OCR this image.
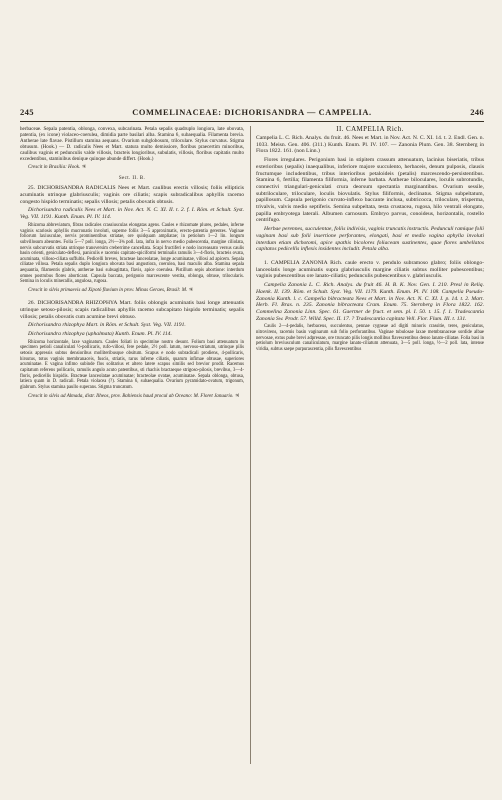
245	COMMELINACEAE: DICHORISANDRA — CAMPELIA.	246

herbaceae. Sepala patentia, oblonga, convexa, subcarinata. Petala sepalis quadruplo longiora, late obovata, patentia, (ex icone) violaceo-coerulea, dimidia parte basilari alba. Stamina 6, subaequalia. Filamenta brevia. Antherae late flavae. Pistillum stamina aequans. Ovarium subglobosum, triloculare. Stylus curvatus. Stigma obtusum. (Hook.) — D. radicalis Nees et Mart. statura multo demissiore, floribus praecertim minoribus, caulibus vaginis et pedunculis valde villosis, bracteis longioribus, subulatis, villosis, floribus capitatis multo excedentibus, staminibus denique quinque abunde differt. (Hook.)

Crescit in Brasilia: Hook. ♃

Sect. II. B.

25. DICHORISANDRA RADICALIS Nees et Mart. caulibus erectis villosis; foliis ellipticis acuminatis utrinque glabriusculis; vaginis ore ciliatis; scapis subradicalibus aphyllis racemo congesto hispido terminatis; sepalis villosis; petalis obovatis obtusis.

Dichorisandra radicalis Nees et Mart. in Nov. Act. N. C. XI. II. t. 2. f. I. Röm. et Schult. Syst. Veg. VII. 1191. Kunth. Enum. Pl. IV. 114.

Rhizoma abbreviatum, fibras radicales crassiusculas elongatas agens. Caules e rhizomate plures, pedales, inferne vaginis scariosis aphyllis mucronatis involuti, superne foliis 3—5 approximatis, erecto-patentia gerentes. Vaginae foliorum laxiusculae, nervis prominentibus striatae, ore quidquam ampliatae; in petiolum 1—2 lin. longum subvillosum abeuntes. Folia 5—7 poll. longa, 2½—3¾ poll. lata, infra in nervo medio pubescentia, margine ciliolata, nervis subcurvatis striata utrinque transversim creberrime cancellata. Scapi fructiferi e nodo increassato versus caulis basin orienti, geniculato-deflexi, paniculis e racemis capitato-spiciformi terminalis ramulis 3—4-floris, bracteis ovata, acuminata, villoso-ciliata suffultis. Pedicelli breves, bracteae lanceolatae, longe acuminatae, villosi ad apicem. Sepala ciliatae villosa. Petala sepalis duplo longiora obovata basi angustiora, coerulea, basi maculis alba. Stamina sepala aequantia, filamentis glabris, antherae basi subsagittata, flavis, apice coerulea. Pistillum sepis abortione: interdum omnes postrubus flores aborticant. Capsula baccata, perigonio marcescente vestita, oblonga, obtuse, trilocularis. Semina in loculis minerallis, angulosa, rugosa.

Crescit in silvis primaevis ad Xipotó fluvium in prov. Minas Geraes, Brasil: M. ♃

26. DICHORISANDRA RHIZOPHYA Mart. foliis oblongis acuminatis basi longe attenuatis utrinque setoso-pilosis; scapis radicalibus aphyllis racemo subcapitato hispido terminatis; sepalis villosis; petalis obovatis cum acumine brevi obtuso.

Dichorisandra rhizophya Mart. in Röm. et Schult. Syst. Veg. VII. 1191.

Dichorisandra rhizophya (uphalmata) Kunth. Enum. Pl. IV. 114.

Rhizoma horizontale, laxe vaginatum. Caules foliati in specimine nostro desunt. Folium basi attenuatum in specimen petioli canaliculati ½-pollicaris, rufo-villosi, fere pedale, 2½ poll. latum, nervoso-striatum, utrinque pilis setosis appressis subtus densioribus molliteribusque obsitum. Scapus e nodo subradicali prodiens, 4-pollicaris, hirsutus, totus vaginis membranaceis, fuscis, striatis, rarus inferne ciliatis, quarum infimae obtusae, superiores acuminatae. E vagina infimo subinde flos solitarius et altero latere scapus similis sed brevior prodit. Racemus capitatum referens pollicaris, ramulis angulo acuto patentibus, sti rhachis bractaeque strigoso-pilosis, brevibus, 3—4-floris, pedicellis hispidis. Bracteae lanceolatae acuminatae; bracteolae ovatae, acuminatae. Sepala oblonga, obtusa, latiera quam in D. radicali. Petala violacea (?). Stamina 6, subaequalia. Ovarium pyramidato-ovatum, trigonum, glabrum. Stylus stamina paullo superans. Stigma truncatum.

Crescit in silvis ad Almada, distr. Ilheos, prov. Bahiensis haud procul ab Oceano: M. Floret Januario. ♃

II. CAMPELIA Rich.

Campelia L. C. Rich. Analys. du fruit. 46. Nees et Mart. in Nov. Act. N. C. XI. 14. t. 2. Endl. Gen. n. 1033. Meisn. Gen. 406. (311.) Kunth. Enum. Pl. IV. 107. — Zanonia Plum. Gen. 38. Sternberg in Flora 1822. 161. (non Linn.)

Flores irregulares. Perigonium basi in stipitem crassum attenuatum, lacinius biseriatis, tribus exterioribus (sepalis) inaequalibus, inferiore majore succulento, herbaceis, denum pulposis, clausis fructumque includentibus, tribus interioribus petaloideis (petalis) marcescendo-persistentibus. Stamina 6, fertilia; filamenta filiformia, inferne barbata. Antherae biloculares, loculis subrotundis, connectivi triangulari-geniculati crura deorsum spectantia marginantibus. Ovarium sessile, subtriloculare, triloculare, loculis biovulatis. Stylus filiformis, declinatus. Stigma subpeltatum, papillosum. Capsula perigonio curvato-inflexo baccante inclusa, subtricocca, triloculare, trisperma, trivalvis, valvis medio septiferis. Semina subpeltata, testa crustacea, rugosa, hilo ventrali elongato, papilla embryotega laterali. Albumen carnosum. Embryo parvus, conoideus, horizontalis, rostello centrifugo.

Herbae perennes, succulentae, foliis indivisis, vaginis truncatis instructis. Pedunculi ramique folii vaginam basi sub folii insertione perforantes, elongati, basi et medio vagina aphylla involuti interdum etiam dichotomi, apice spathis bicolores foliaceam sustinentes, quae flores umbellatos capitatos pedicellis inflexis insidentes includit. Petala alba.

1. CAMPELIA ZANONIA Rich. caule erecto v. pendulo subramoso glabro; foliis oblongo-lanceolatis longe acuminatis supra glabriusculis margine ciliatis subtus molliter pubescentibus; vaginis pubescentibus ore lanato-ciliatis; pedunculis pubescentibus v. glabriusculis.

Campelia Zanonia L. C. Rich. Analys. du fruit 46. H. B. K. Nov. Gen. I. 210. Presl in Reliq. Haenk. II. 139. Röm. et Schult. Syst. Veg. VII. 1179. Kunth. Enum. Pl. IV. 108. Campelia Pseudo-Zanonia Kunth. l. c. Campelia bibracteata Nees et Mart. in Nov. Act. N. C. XI. I. p. 14. t. 2. Mart. Herb. Fl. Bras. n. 235. Zanonia bibracteata Cram. Enum. 75. Sternberg in Flora 1822. 162. Commelina Zanonia Linn. Spec. 61. Gaertner de fruct. et sem. pl. I. 50. t. 15. f. 1. Tradescantia Zanonia Sw. Prodr. 57. Willd. Spec. II. 17. ? Tradescantia capitata Vell. Flor. Flum. III. t. 131.

Caulis 2—4-pedalis, herbaceus, succulentus, pennae cygneae ad digiti minoris crassitie, teres, geniculatus, nitrovirens, racemis basin vaginarum sub folio perforantibus. Vaginae tubulosae laxae membranaceae sordide albae nervosae, extus pube brevi adpressae, ore truncato pilis longis mollibus flavescentibus denso lanato-ciliatae. Folia basi in petiolum breviusculum canaliculatum, margine lanato-ciliatum attenuata, 3—5 poll. longa, ½—2 poll. lata, intense viridia, subtus saepe purpurascentia, pilis flavescentibus
